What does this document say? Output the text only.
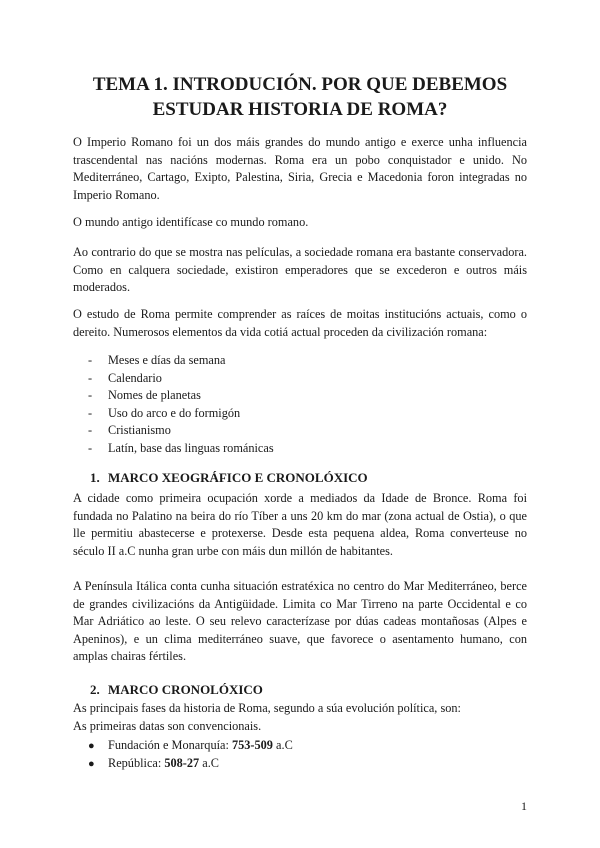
TEMA 1. INTRODUCIÓN. POR QUE DEBEMOS
ESTUDAR HISTORIA DE ROMA?

O Imperio Romano foi un dos máis grandes do mundo antigo e exerce unha influencia trascendental nas nacións modernas. Roma era un pobo conquistador e unido. No Mediterráneo, Cartago, Exipto, Palestina, Siria, Grecia e Macedonia foron integradas no Imperio Romano.

O mundo antigo identifícase co mundo romano.

Ao contrario do que se mostra nas películas, a sociedade romana era bastante conservadora. Como en calquera sociedade, existiron emperadores que se excederon e outros máis moderados.

O estudo de Roma permite comprender as raíces de moitas institucións actuais, como o dereito. Numerosos elementos da vida cotiá actual proceden da civilización romana:

- Meses e días da semana
- Calendario
- Nomes de planetas
- Uso do arco e do formigón
- Cristianismo
- Latín, base das linguas románicas
1. MARCO XEOGRÁFICO E CRONOLÓXICO

A cidade como primeira ocupación xorde a mediados da Idade de Bronce. Roma foi fundada no Palatino na beira do río Tíber a uns 20 km do mar (zona actual de Ostia), o que lle permitiu abastecerse e protexerse. Desde esta pequena aldea, Roma converteuse no século II a.C nunha gran urbe con máis dun millón de habitantes.

A Península Itálica conta cunha situación estratéxica no centro do Mar Mediterráneo, berce de grandes civilizacións da Antigüidade. Limita co Mar Tirreno na parte Occidental e co Mar Adriático ao leste. O seu relevo caracterízase por dúas cadeas montañosas (Alpes e Apeninos), e un clima mediterráneo suave, que favorece o asentamento humano, con amplas chairas fértiles.

2. MARCO CRONOLÓXICO

As principais fases da historia de Roma, segundo a súa evolución política, son:

As primeiras datas son convencionais.

● Fundación e Monarquía: 753-509 a.C
● República: 508-27 a.C
1
